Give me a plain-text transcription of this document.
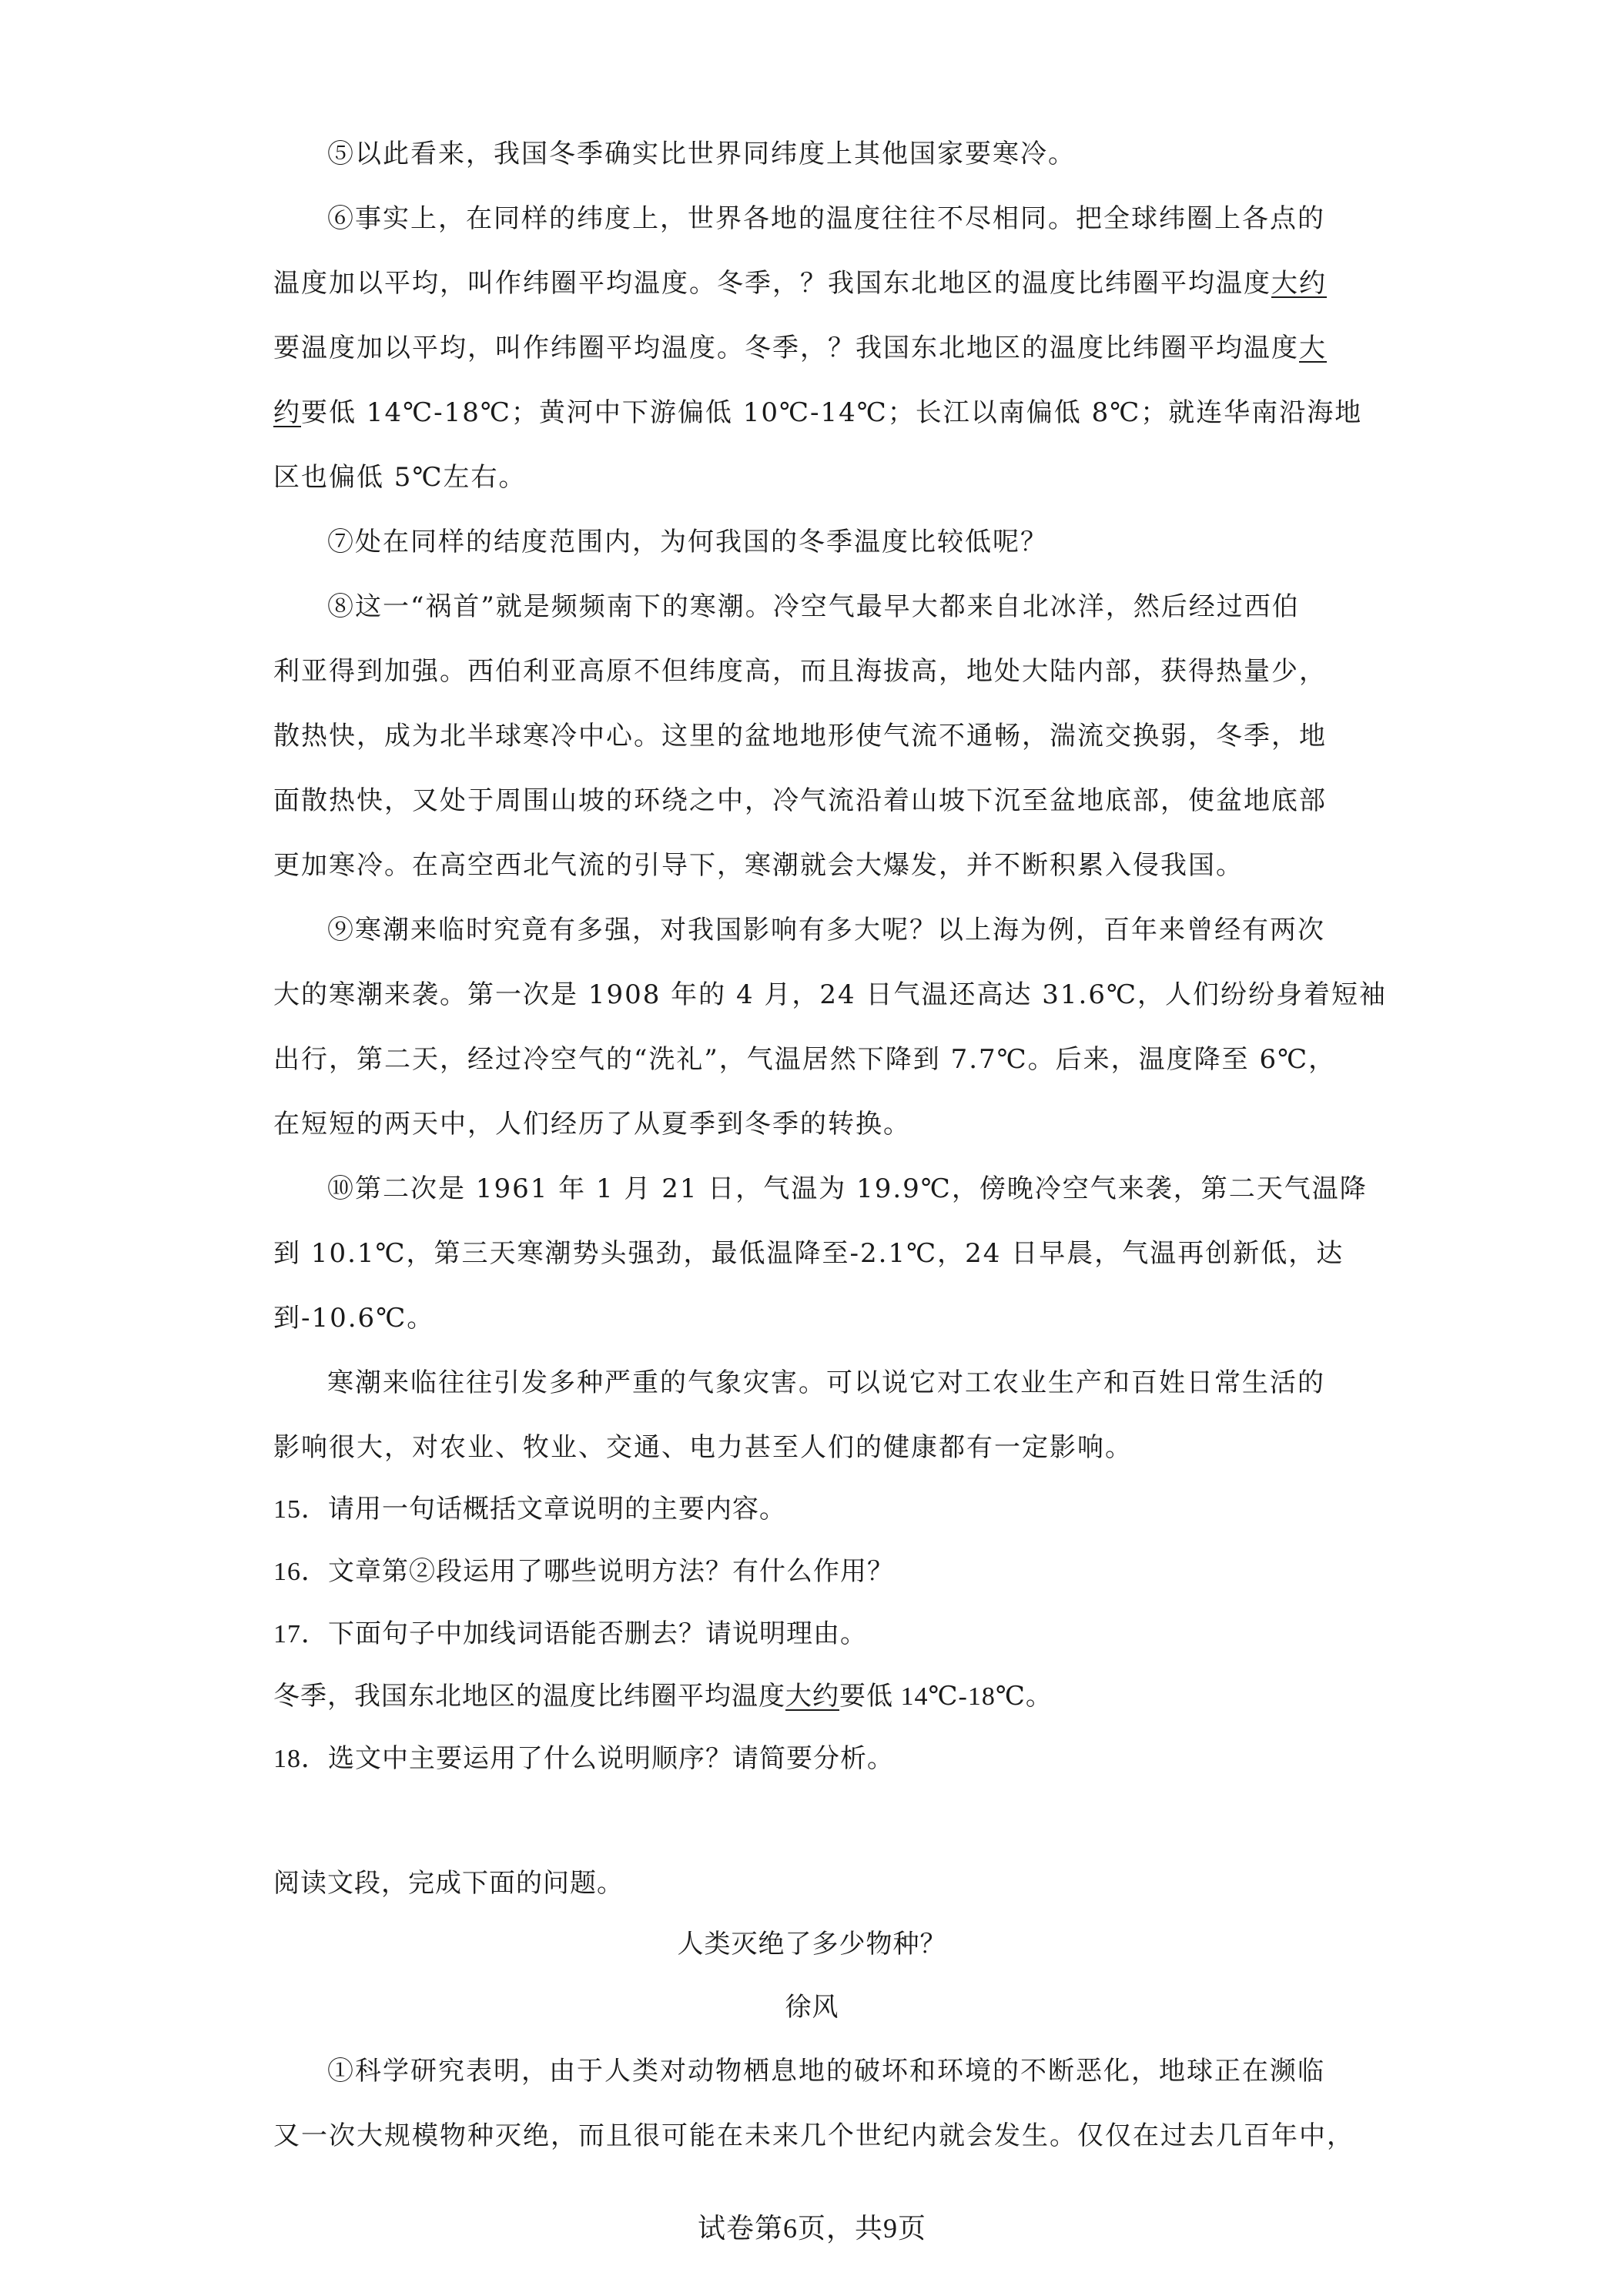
⑤以此看来，我国冬季确实比世界同纬度上其他国家要寒冷。
⑥事实上，在同样的纬度上，世界各地的温度往往不尽相同。把全球纬圈上各点的
温度加以平均，叫作纬圈平均温度。冬季，？我国东北地区的温度比纬圈平均温度大约
要温度加以平均，叫作纬圈平均温度。冬季，？我国东北地区的温度比纬圈平均温度大
约要低 14℃-18℃；黄河中下游偏低 10℃-14℃；长江以南偏低 8℃；就连华南沿海地
区也偏低 5℃左右。
⑦处在同样的结度范围内，为何我国的冬季温度比较低呢？
⑧这一“祸首”就是频频南下的寒潮。冷空气最早大都来自北冰洋，然后经过西伯
利亚得到加强。西伯利亚高原不但纬度高，而且海拔高，地处大陆内部，获得热量少，
散热快，成为北半球寒冷中心。这里的盆地地形使气流不通畅，湍流交换弱，冬季，地
面散热快，又处于周围山坡的环绕之中，冷气流沿着山坡下沉至盆地底部，使盆地底部
更加寒冷。在高空西北气流的引导下，寒潮就会大爆发，并不断积累入侵我国。
⑨寒潮来临时究竟有多强，对我国影响有多大呢？以上海为例，百年来曾经有两次
大的寒潮来袭。第一次是 1908 年的 4 月，24 日气温还高达 31.6℃，人们纷纷身着短袖
出行，第二天，经过冷空气的“洗礼”，气温居然下降到 7.7℃。后来，温度降至 6℃，
在短短的两天中，人们经历了从夏季到冬季的转换。
⑩第二次是 1961 年 1 月 21 日，气温为 19.9℃，傍晚冷空气来袭，第二天气温降
到 10.1℃，第三天寒潮势头强劲，最低温降至-2.1℃，24 日早晨，气温再创新低，达
到-10.6℃。
寒潮来临往往引发多种严重的气象灾害。可以说它对工农业生产和百姓日常生活的
影响很大，对农业、牧业、交通、电力甚至人们的健康都有一定影响。
15．请用一句话概括文章说明的主要内容。
16．文章第②段运用了哪些说明方法？有什么作用？
17．下面句子中加线词语能否删去？请说明理由。
冬季，我国东北地区的温度比纬圈平均温度大约要低 14℃-18℃。
18．选文中主要运用了什么说明顺序？请简要分析。
阅读文段，完成下面的问题。
人类灭绝了多少物种？
徐风
①科学研究表明，由于人类对动物栖息地的破坏和环境的不断恶化，地球正在濒临
又一次大规模物种灭绝，而且很可能在未来几个世纪内就会发生。仅仅在过去几百年中，
试卷第6页，共9页
